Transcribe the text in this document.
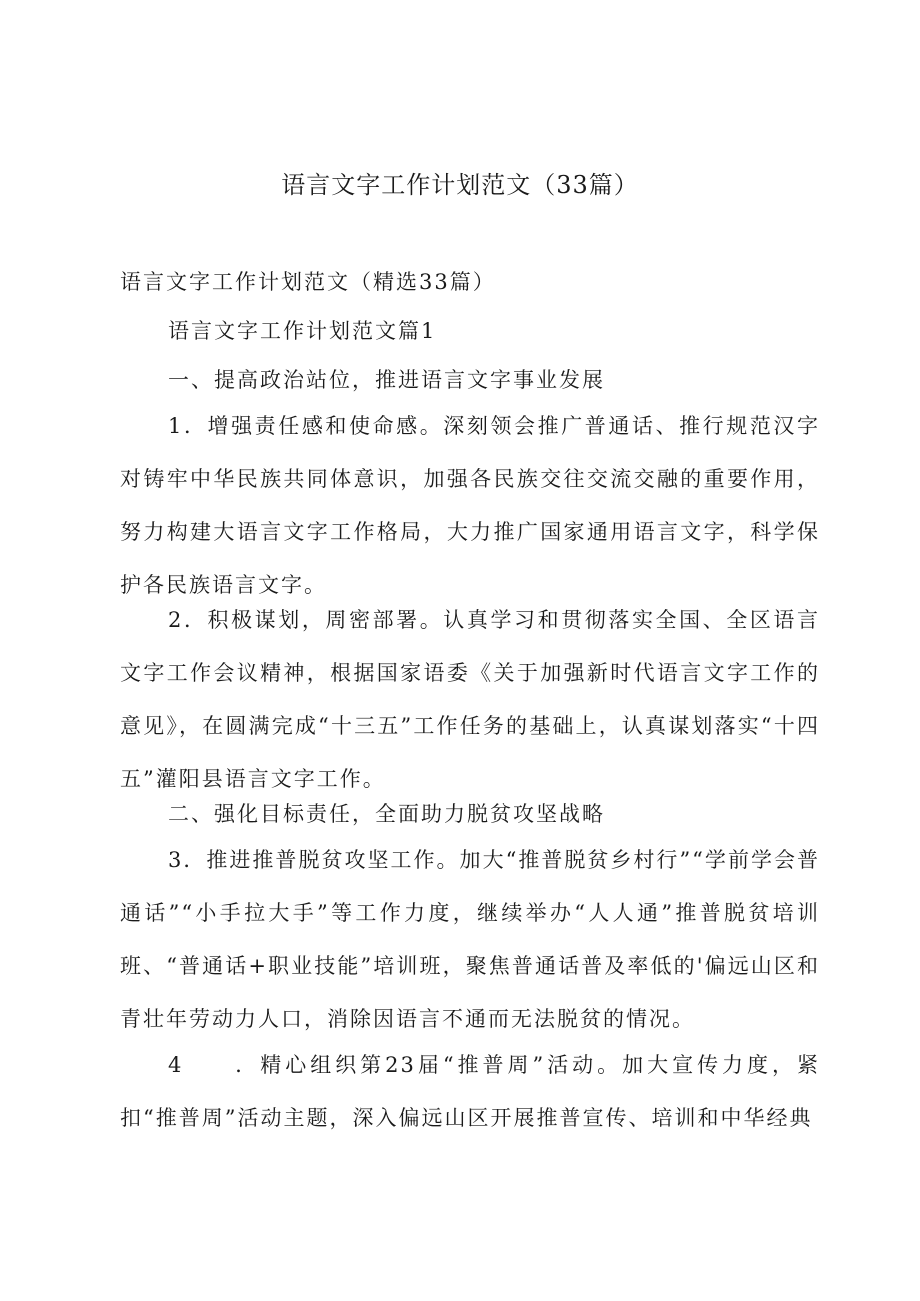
语言文字工作计划范文（33篇）
语言文字工作计划范文（精选33篇）
语言文字工作计划范文篇1
一、提高政治站位，推进语言文字事业发展
1．增强责任感和使命感。深刻领会推广普通话、推行规范汉字对铸牢中华民族共同体意识，加强各民族交往交流交融的重要作用，努力构建大语言文字工作格局，大力推广国家通用语言文字，科学保护各民族语言文字。
2．积极谋划，周密部署。认真学习和贯彻落实全国、全区语言文字工作会议精神，根据国家语委《关于加强新时代语言文字工作的意见》，在圆满完成“十三五”工作任务的基础上，认真谋划落实“十四五”灌阳县语言文字工作。
二、强化目标责任，全面助力脱贫攻坚战略
3．推进推普脱贫攻坚工作。加大“推普脱贫乡村行”“学前学会普通话”“小手拉大手”等工作力度，继续举办“人人通”推普脱贫培训班、“普通话+职业技能”培训班，聚焦普通话普及率低的'偏远山区和青壮年劳动力人口，消除因语言不通而无法脱贫的情况。
4　　．精心组织第23届“推普周”活动。加大宣传力度，紧扣“推普周”活动主题，深入偏远山区开展推普宣传、培训和中华经典
